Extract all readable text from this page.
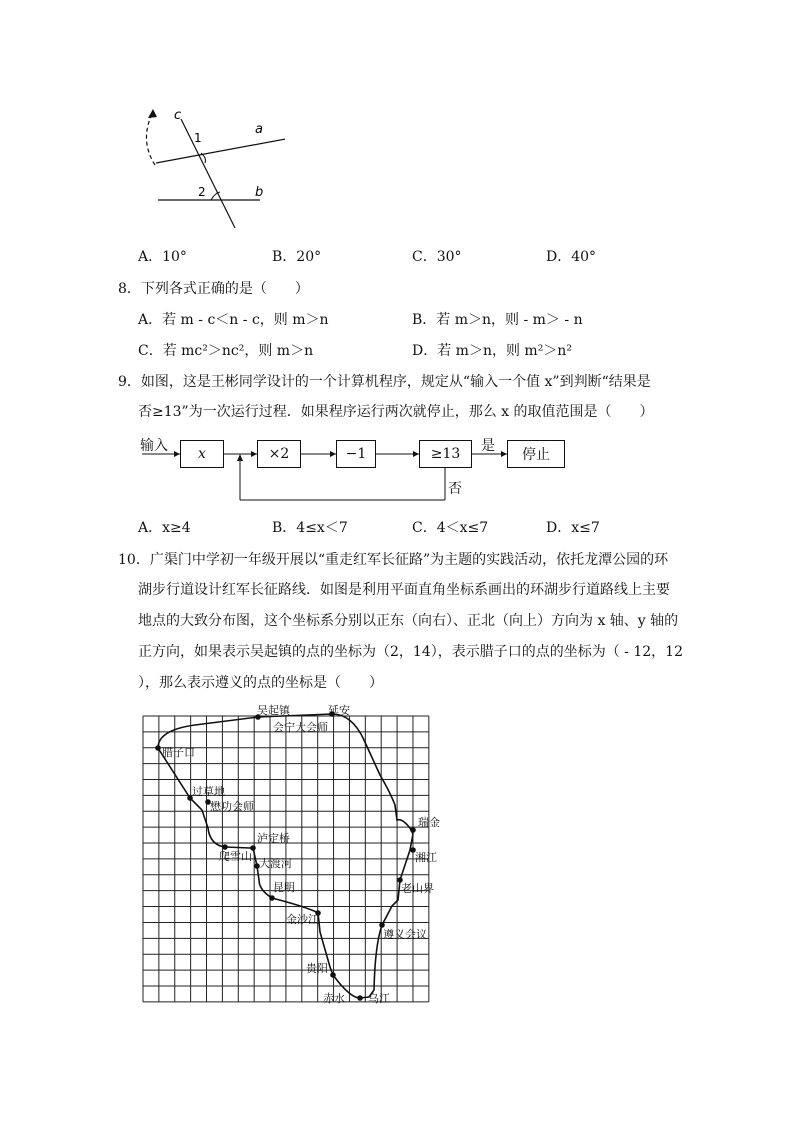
c
a
b
1
2
A．10°	B．20°	C．30°	D．40°
8．下列各式正确的是（　　）
A．若 m - c＜n - c，则 m＞n	B．若 m＞n，则 - m＞ - n
C．若 mc²＞nc²，则 m＞n	D．若 m＞n，则 m²＞n²
9．如图，这是王彬同学设计的一个计算机程序，规定从“输入一个值 x”到判断“结果是
否≥13”为一次运行过程．如果程序运行两次就停止，那么 x 的取值范围是（　　）
输入	x	×2	−1	≥13	是
停止
否
A．x≥4	B．4≤x＜7	C．4＜x≤7	D．x≤7
10．广渠门中学初一年级开展以“重走红军长征路”为主题的实践活动，依托龙潭公园的环
湖步行道设计红军长征路线．如图是利用平面直角坐标系画出的环湖步行道路线上主要
地点的大致分布图，这个坐标系分别以正东（向右）、正北（向上）方向为 x 轴、y 轴的
正方向，如果表示吴起镇的点的坐标为（2，14），表示腊子口的点的坐标为（ - 12，12
），那么表示遵义的点的坐标是（　　）
吴起镇	延安
会宁大会师
腊子口
过草地
懋功会师
泸定桥
爬雪山
大渡河
昆明
金沙江
贵阳
赤水 乌江
遵义会议
老山界
湘江
瑞金
